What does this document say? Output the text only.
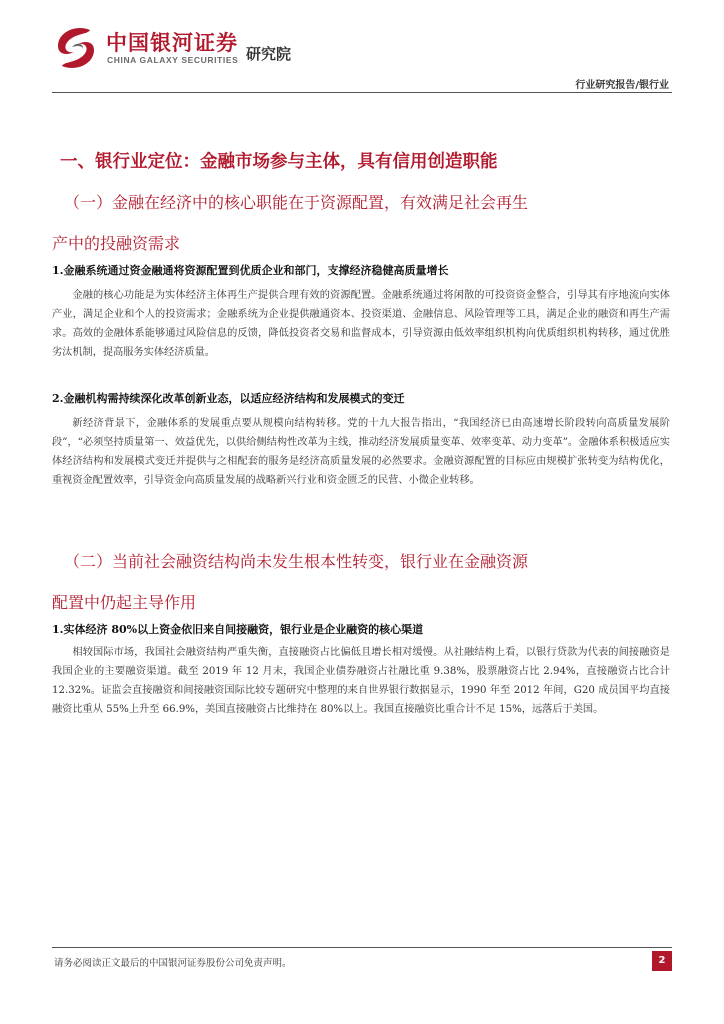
中国银河证券
CHINA GALAXY SECURITIES 研究院
行业研究报告/银行业
一、银行业定位：金融市场参与主体，具有信用创造职能
（一）金融在经济中的核心职能在于资源配置，有效满足社会再生
产中的投融资需求
1.金融系统通过资金融通将资源配置到优质企业和部门，支撑经济稳健高质量增长

金融的核心功能是为实体经济主体再生产提供合理有效的资源配置。金融系统通过将闲散的可投资资金整合，引导其有序地流向实体产业，满足企业和个人的投资需求；金融系统为企业提供融通资本、投资渠道、金融信息、风险管理等工具，满足企业的融资和再生产需求。高效的金融体系能够通过风险信息的反馈，降低投资者交易和监督成本，引导资源由低效率组织机构向优质组织机构转移，通过优胜劣汰机制，提高服务实体经济质量。

2.金融机构需持续深化改革创新业态，以适应经济结构和发展模式的变迁

新经济背景下，金融体系的发展重点要从规模向结构转移。党的十九大报告指出，“我国经济已由高速增长阶段转向高质量发展阶段”，“必须坚持质量第一、效益优先，以供给侧结构性改革为主线，推动经济发展质量变革、效率变革、动力变革”。金融体系积极适应实体经济结构和发展模式变迁并提供与之相配套的服务是经济高质量发展的必然要求。金融资源配置的目标应由规模扩张转变为结构优化，重视资金配置效率，引导资金向高质量发展的战略新兴行业和资金匮乏的民营、小微企业转移。

（二）当前社会融资结构尚未发生根本性转变，银行业在金融资源
配置中仍起主导作用
1.实体经济 80%以上资金依旧来自间接融资，银行业是企业融资的核心渠道

相较国际市场，我国社会融资结构严重失衡，直接融资占比偏低且增长相对缓慢。从社融结构上看，以银行贷款为代表的间接融资是我国企业的主要融资渠道。截至 2019 年 12 月末，我国企业债券融资占社融比重 9.38%，股票融资占比 2.94%，直接融资占比合计 12.32%。证监会直接融资和间接融资国际比较专题研究中整理的来自世界银行数据显示，1990 年至 2012 年间，G20 成员国平均直接融资比重从 55%上升至 66.9%，美国直接融资占比维持在 80%以上。我国直接融资比重合计不足 15%，远落后于美国。

请务必阅读正文最后的中国银河证券股份公司免责声明。	2
